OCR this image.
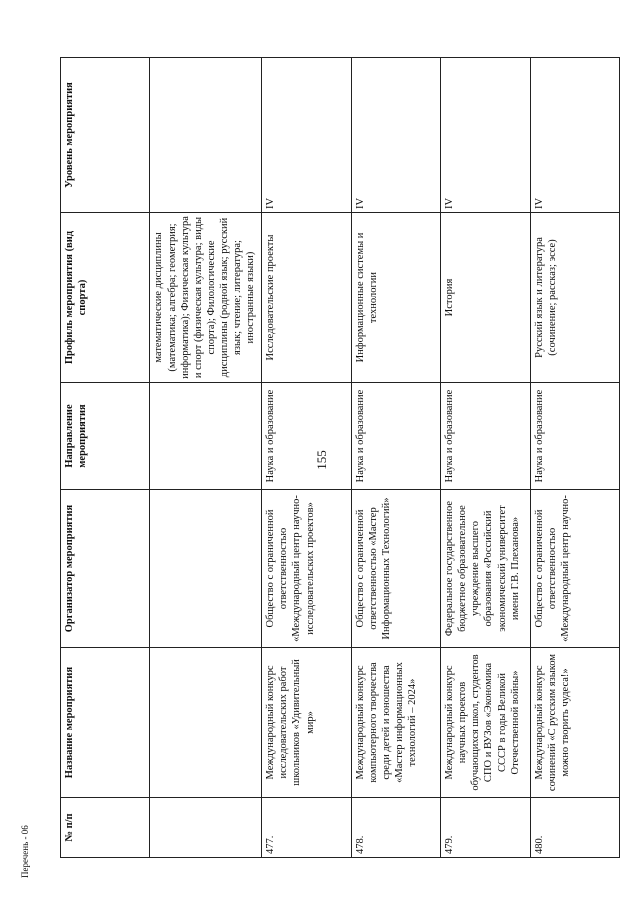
155
Перечень - 06	№ п/п	Название мероприятия	Организатор мероприятия	Направление мероприятия	Профиль мероприятия (вид спорта)	Уровень мероприятия
				математические дисциплины (математика; алгебра; геометрия; информатика); Физическая культура и спорт (физическая культура; виды спорта); Филологические дисциплины (родной язык; русский язык; чтение; литература; иностранные языки)	
477.	Международный конкурс исследовательских работ школьников «Удивительный мир»	Общество с ограниченной ответственностью «Международный центр научно-исследовательских проектов»	Наука и образование	Исследовательские проекты	IV
478.	Международный конкурс компьютерного творчества среди детей и юношества «Мастер информационных технологий – 2024»	Общество с ограниченной ответственностью «Мастер Информационных Технологий»	Наука и образование	Информационные системы и технологии	IV
479.	Международный конкурс научных проектов обучающихся школ, студентов СПО и ВУЗов «Экономика СССР в годы Великой Отечественной войны»	Федеральное государственное бюджетное образовательное учреждение высшего образования «Российский экономический университет имени Г.В. Плеханова»	Наука и образование	История	IV
480.	Международный конкурс сочинений «С русским языком можно творить чудеса!»	Общество с ограниченной ответственностью «Международный центр научно-	Наука и образование	Русский язык и литература (сочинение; рассказ; эссе)	IV
